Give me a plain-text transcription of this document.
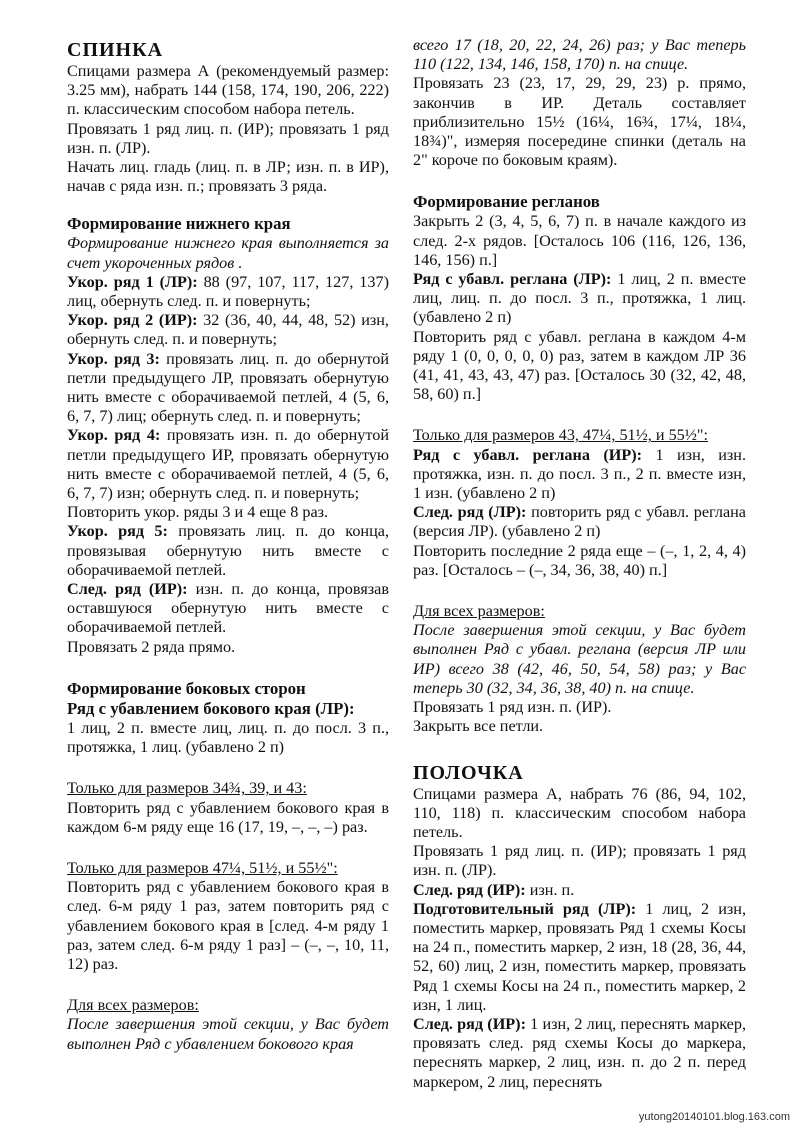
СПИНКА
Спицами размера А (рекомендуемый размер: 3.25 мм), набрать 144 (158, 174, 190, 206, 222) п. классическим способом набора петель.
Провязать 1 ряд лиц. п. (ИР); провязать 1 ряд изн. п. (ЛР).
Начать лиц. гладь (лиц. п. в ЛР; изн. п. в ИР), начав с ряда изн. п.; провязать 3 ряда.
Формирование нижнего края
Формирование нижнего края выполняется за счет укороченных рядов .
Укор. ряд 1 (ЛР): 88 (97, 107, 117, 127, 137) лиц, обернуть след. п. и повернуть;
Укор. ряд 2 (ИР): 32 (36, 40, 44, 48, 52) изн, обернуть след. п. и повернуть;
Укор. ряд 3: провязать лиц. п. до обернутой петли предыдущего ЛР, провязать обернутую нить вместе с оборачиваемой петлей, 4 (5, 6, 6, 7, 7) лиц; обернуть след. п. и повернуть;
Укор. ряд 4: провязать изн. п. до обернутой петли предыдущего ИР, провязать обернутую нить вместе с оборачиваемой петлей, 4 (5, 6, 6, 7, 7) изн; обернуть след. п. и повернуть;
Повторить укор. ряды 3 и 4 еще 8 раз.
Укор. ряд 5: провязать лиц. п. до конца, провязывая обернутую нить вместе с оборачиваемой петлей.
След. ряд (ИР): изн. п. до конца, провязав оставшуюся обернутую нить вместе с оборачиваемой петлей.
Провязать 2 ряда прямо.
Формирование боковых сторон
Ряд с убавлением бокового края (ЛР):
1 лиц, 2 п. вместе лиц, лиц. п. до посл. 3 п., протяжка, 1 лиц. (убавлено 2 п)
Только для размеров 34¾, 39, и 43:
Повторить ряд с убавлением бокового края в каждом 6-м ряду еще 16 (17, 19, –, –, –) раз.
Только для размеров 47¼, 51½, и 55½":
Повторить ряд с убавлением бокового края в след. 6-м ряду 1 раз, затем повторить ряд с убавлением бокового края в [след. 4-м ряду 1 раз, затем след. 6-м ряду 1 раз] – (–, –, 10, 11, 12) раз.
Для всех размеров:
После завершения этой секции, у Вас будет выполнен Ряд с убавлением бокового края
всего 17 (18, 20, 22, 24, 26) раз; у Вас теперь 110 (122, 134, 146, 158, 170) п. на спице.
Провязать 23 (23, 17, 29, 29, 23) р. прямо, закончив в ИР. Деталь составляет приблизительно 15½ (16¼, 16¾, 17¼, 18¼, 18¾)", измеряя посередине спинки (деталь на 2" короче по боковым краям).
Формирование регланов
Закрыть 2 (3, 4, 5, 6, 7) п. в начале каждого из след. 2-х рядов. [Осталось 106 (116, 126, 136, 146, 156) п.]
Ряд с убавл. реглана (ЛР): 1 лиц, 2 п. вместе лиц, лиц. п. до посл. 3 п., протяжка, 1 лиц. (убавлено 2 п)
Повторить ряд с убавл. реглана в каждом 4-м ряду 1 (0, 0, 0, 0, 0) раз, затем в каждом ЛР 36 (41, 41, 43, 43, 47) раз. [Осталось 30 (32, 42, 48, 58, 60) п.]
Только для размеров 43, 47¼, 51½, и 55½":
Ряд с убавл. реглана (ИР): 1 изн, изн. протяжка, изн. п. до посл. 3 п., 2 п. вместе изн, 1 изн. (убавлено 2 п)
След. ряд (ЛР): повторить ряд с убавл. реглана (версия ЛР). (убавлено 2 п)
Повторить последние 2 ряда еще – (–, 1, 2, 4, 4) раз. [Осталось – (–, 34, 36, 38, 40) п.]
Для всех размеров:
После завершения этой секции, у Вас будет выполнен Ряд с убавл. реглана (версия ЛР или ИР) всего 38 (42, 46, 50, 54, 58) раз; у Вас теперь 30 (32, 34, 36, 38, 40) п. на спице.
Провязать 1 ряд изн. п. (ИР).
Закрыть все петли.
ПОЛОЧКА
Спицами размера А, набрать 76 (86, 94, 102, 110, 118) п. классическим способом набора петель.
Провязать 1 ряд лиц. п. (ИР); провязать 1 ряд изн. п. (ЛР).
След. ряд (ИР): изн. п.
Подготовительный ряд (ЛР): 1 лиц, 2 изн, поместить маркер, провязать Ряд 1 схемы Косы на 24 п., поместить маркер, 2 изн, 18 (28, 36, 44, 52, 60) лиц, 2 изн, поместить маркер, провязать Ряд 1 схемы Косы на 24 п., поместить маркер, 2 изн, 1 лиц.
След. ряд (ИР): 1 изн, 2 лиц, переснять маркер, провязать след. ряд схемы Косы до маркера, переснять маркер, 2 лиц, изн. п. до 2 п. перед маркером, 2 лиц, переснять
yutong20140101.blog.163.com
